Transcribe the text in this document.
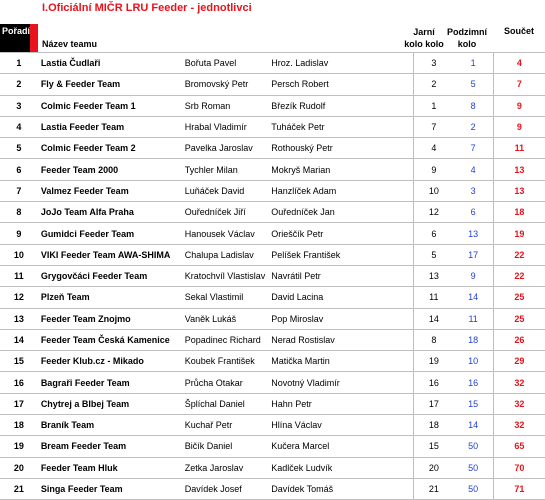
I.Oficiální MIČR LRU Feeder - jednotlivci
Pořadí
Název teamu
Jarní kolo kolo
Podzimní kolo
Součet
1	Lastia Čudlaři	Bořuta Pavel	Hroz. Ladislav	3	1	4
2	Fly & Feeder Team	Bromovský Petr	Persch Robert	2	5	7
3	Colmic Feeder Team 1	Srb Roman	Březík Rudolf	1	8	9
4	Lastia Feeder Team	Hrabal Vladimír	Tuháček Petr	7	2	9
5	Colmic Feeder Team 2	Pavelka Jaroslav	Rothouský Petr	4	7	11
6	Feeder Team 2000	Tychler Milan	Mokryš Marian	9	4	13
7	Valmez Feeder Team	Luňáček David	Hanzlíček Adam	10	3	13
8	JoJo Team Alfa Praha	Ouředníček Jiří	Ouředníček Jan	12	6	18
9	Gumidci Feeder Team	Hanousek Václav	Orieščík Petr	6	13	19
10	VIKI Feeder Team AWA-SHIMA	Chalupa Ladislav	Pelíšek František	5	17	22
11	Grygovčáci Feeder Team	Kratochvíl Vlastislav	Navrátil Petr	13	9	22
12	Plzeň Team	Sekal Vlastimil	David Lacina	11	14	25
13	Feeder Team Znojmo	Vaněk Lukáš	Pop Miroslav	14	11	25
14	Feeder Team Česká Kamenice	Popadinec Richard	Nerad Rostislav	8	18	26
15	Feeder Klub.cz - Mikado	Koubek František	Matička Martin	19	10	29
16	Bagraři Feeder Team	Průcha Otakar	Novotný Vladimír	16	16	32
17	Chytrej a Blbej Team	Šplíchal Daniel	Hahn Petr	17	15	32
18	Braník Team	Kuchař Petr	Hlína Václav	18	14	32
19	Bream Feeder Team	Bičík Daniel	Kučera Marcel	15	50	65
20	Feeder Team Hluk	Zetka Jaroslav	Kadlček Ludvík	20	50	70
21	Singa Feeder Team	Davídek Josef	Davídek Tomáš	21	50	71
